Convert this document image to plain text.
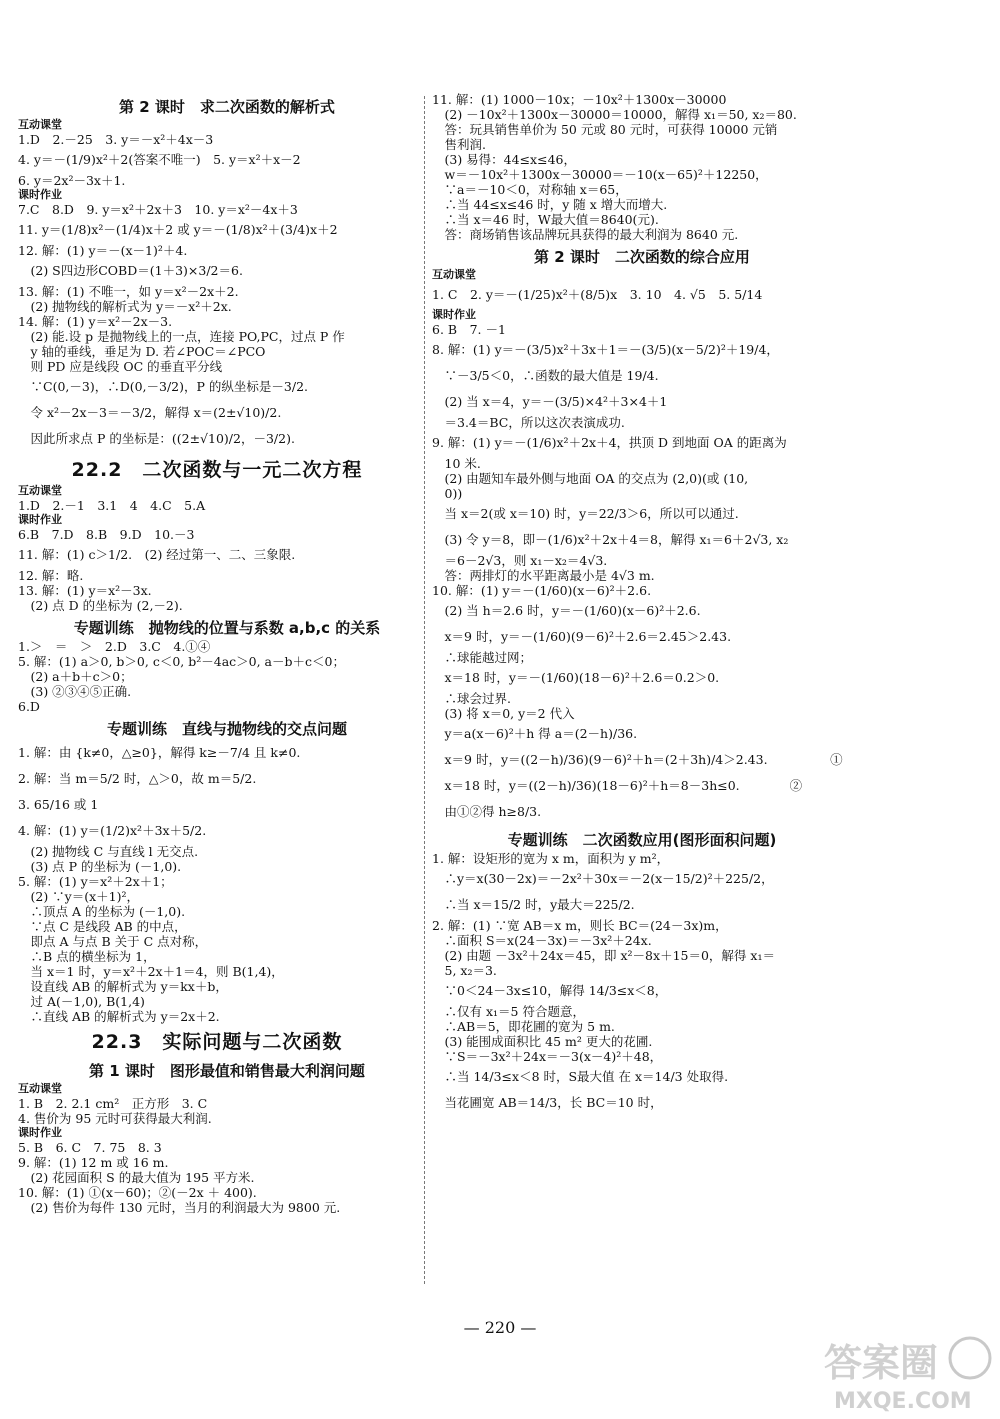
第 2 课时　求二次函数的解析式
互动课堂
1.D　2.－25　3. y＝－x²＋4x－3
4. y＝－(1/9)x²＋2(答案不唯一)　5. y＝x²＋x－2
6. y＝2x²－3x＋1.
课时作业
7.C　8.D　9. y＝x²＋2x＋3　10. y＝x²－4x＋3
11. y＝(1/8)x²－(1/4)x＋2 或 y＝－(1/8)x²＋(3/4)x＋2
12. 解：(1) y＝－(x－1)²＋4.
　(2) S四边形COBD＝(1＋3)×3/2＝6.
13. 解：(1) 不唯一，如 y＝x²－2x＋2.
　(2) 抛物线的解析式为 y＝－x²＋2x.
14. 解：(1) y＝x²－2x－3.
　(2) 能.设 p 是抛物线上的一点，连接 PO,PC，过点 P 作
　y 轴的垂线，垂足为 D. 若∠POC＝∠PCO
　则 PD 应是线段 OC 的垂直平分线
　∵C(0,－3)，∴D(0,－3/2)，P 的纵坐标是－3/2.
　令 x²－2x－3＝－3/2，解得 x＝(2±√10)/2.
　因此所求点 P 的坐标是：((2±√10)/2，－3/2).
22.2　二次函数与一元二次方程
互动课堂
1.D　2.－1　3.1　4　4.C　5.A
课时作业
6.B　7.D　8.B　9.D　10.－3
11. 解：(1) c＞1/2.　(2) 经过第一、二、三象限.
12. 解：略.
13. 解：(1) y＝x²－3x.
　(2) 点 D 的坐标为 (2,－2).
专题训练　抛物线的位置与系数 a,b,c 的关系
1.＞　＝　＞　2.D　3.C　4.①④
5. 解：(1) a＞0, b＞0, c＜0, b²－4ac＞0, a－b＋c＜0；
　(2) a＋b＋c＞0；
　(3) ②③④⑤正确.
6.D
专题训练　直线与抛物线的交点问题
1. 解：由 {k≠0，△≥0}，解得 k≥－7/4 且 k≠0.
2. 解：当 m＝5/2 时，△＞0，故 m＝5/2.
3. 65/16 或 1
4. 解：(1) y＝(1/2)x²＋3x＋5/2.
　(2) 抛物线 C 与直线 l 无交点.
　(3) 点 P 的坐标为 (－1,0).
5. 解：(1) y＝x²＋2x＋1；
　(2) ∵y＝(x＋1)²，
　∴顶点 A 的坐标为 (－1,0).
　∵点 C 是线段 AB 的中点，
　即点 A 与点 B 关于 C 点对称，
　∴B 点的横坐标为 1，
　当 x＝1 时，y＝x²＋2x＋1＝4，则 B(1,4)，
　设直线 AB 的解析式为 y＝kx＋b，
　过 A(－1,0), B(1,4)
　∴直线 AB 的解析式为 y＝2x＋2.
22.3　实际问题与二次函数
第 1 课时　图形最值和销售最大利润问题
互动课堂
1. B　2. 2.1 cm²　正方形　3. C
4. 售价为 95 元时可获得最大利润.
课时作业
5. B　6. C　7. 75　8. 3
9. 解：(1) 12 m 或 16 m.
　(2) 花园面积 S 的最大值为 195 平方米.
10. 解：(1) ①(x－60)；②(－2x ＋ 400).
　(2) 售价为每件 130 元时，当月的利润最大为 9800 元.
11. 解：(1) 1000－10x；－10x²＋1300x－30000
　(2) －10x²＋1300x－30000＝10000，解得 x₁＝50, x₂＝80.
　答：玩具销售单价为 50 元或 80 元时，可获得 10000 元销
　售利润.
　(3) 易得：44≤x≤46，
　w＝－10x²＋1300x－30000＝－10(x－65)²＋12250，
　∵a＝－10＜0，对称轴 x＝65，
　∴当 44≤x≤46 时，y 随 x 增大而增大.
　∴当 x＝46 时，W最大值＝8640(元).
　答：商场销售该品牌玩具获得的最大利润为 8640 元.
第 2 课时　二次函数的综合应用
互动课堂
1. C　2. y＝－(1/25)x²＋(8/5)x　3. 10　4. √5　5. 5/14
课时作业
6. B　7. －1
8. 解：(1) y＝－(3/5)x²＋3x＋1＝－(3/5)(x－5/2)²＋19/4，
　∵－3/5＜0，∴函数的最大值是 19/4.
　(2) 当 x＝4，y＝－(3/5)×4²＋3×4＋1
　＝3.4＝BC，所以这次表演成功.
9. 解：(1) y＝－(1/6)x²＋2x＋4，拱顶 D 到地面 OA 的距离为
　10 米.
　(2) 由题知车最外侧与地面 OA 的交点为 (2,0)(或 (10,
　0))
　当 x＝2(或 x＝10) 时，y＝22/3＞6，所以可以通过.
　(3) 令 y＝8，即－(1/6)x²＋2x＋4＝8，解得 x₁＝6＋2√3, x₂
　＝6－2√3，则 x₁－x₂＝4√3.
　答：两排灯的水平距离最小是 4√3 m.
10. 解：(1) y＝－(1/60)(x－6)²＋2.6.
　(2) 当 h＝2.6 时，y＝－(1/60)(x－6)²＋2.6.
　x＝9 时，y＝－(1/60)(9－6)²＋2.6＝2.45＞2.43.
　∴球能越过网；
　x＝18 时，y＝－(1/60)(18－6)²＋2.6＝0.2＞0.
　∴球会过界.
　(3) 将 x＝0, y＝2 代入
　y＝a(x－6)²＋h 得 a＝(2－h)/36.
　x＝9 时，y＝((2－h)/36)(9－6)²＋h＝(2＋3h)/4＞2.43.　　　　　①
　x＝18 时，y＝((2－h)/36)(18－6)²＋h＝8－3h≤0.　　　　②
　由①②得 h≥8/3.
专题训练　二次函数应用(图形面积问题)
1. 解：设矩形的宽为 x m，面积为 y m²，
　∴y＝x(30－2x)＝－2x²＋30x＝－2(x－15/2)²＋225/2，
　∴当 x＝15/2 时，y最大＝225/2.
2. 解：(1) ∵宽 AB＝x m，则长 BC＝(24－3x)m，
　∴面积 S＝x(24－3x)＝－3x²＋24x.
　(2) 由题 －3x²＋24x＝45，即 x²－8x＋15＝0，解得 x₁＝
　5, x₂＝3.
　∵0＜24－3x≤10，解得 14/3≤x＜8，
　∴仅有 x₁＝5 符合题意，
　∴AB＝5，即花圃的宽为 5 m.
　(3) 能围成面积比 45 m² 更大的花圃.
　∵S＝－3x²＋24x＝－3(x－4)²＋48，
　∴当 14/3≤x＜8 时，S最大值 在 x＝14/3 处取得.
　当花圃宽 AB＝14/3，长 BC＝10 时，
— 220 —
答案圈
MXQE.COM
